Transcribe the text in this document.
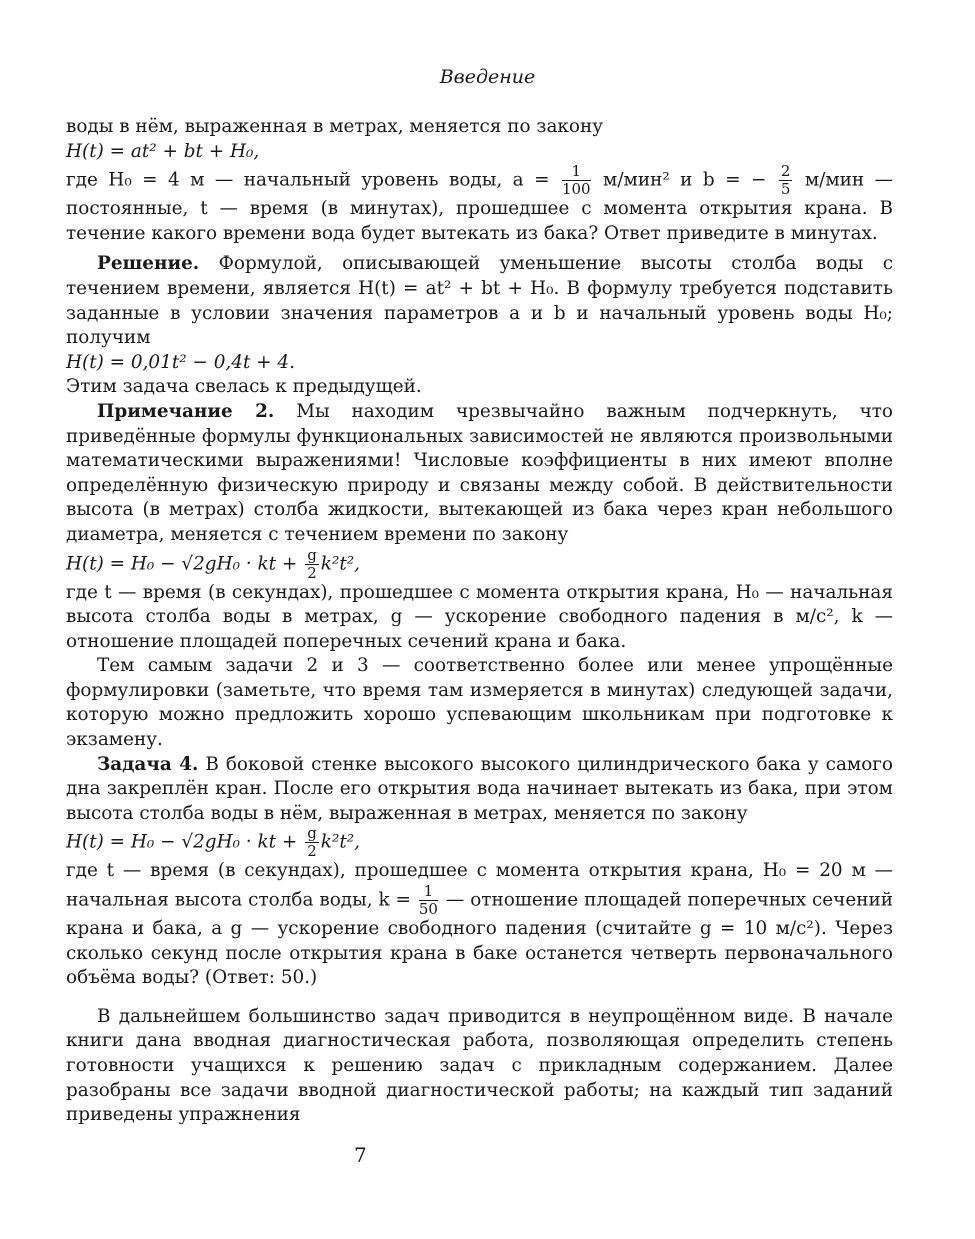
Введение

воды в нём, выраженная в метрах, меняется по закону

H(t) = at² + bt + H₀,

где H₀ = 4 м — начальный уровень воды, $a = \frac{1}{100} м/мин^2$ и b = − $\frac{2}{5} м/мин$ — постоянные, t — время (в минутах), прошедшее с момента открытия крана. В течение какого времени вода будет вытекать из бака? Ответ приведите в минутах.

Решение. Формулой, описывающей уменьшение высоты столба воды с течением времени, является H(t) = at² + bt + H₀. В формулу требуется подставить заданные в условии значения параметров a и b и начальный уровень воды H₀; получим

H(t) = 0,01t² − 0,4t + 4.

Этим задача свелась к предыдущей.

Примечание 2. Мы находим чрезвычайно важным подчеркнуть, что приведённые формулы функциональных зависимостей не являются произвольными математическими выражениями! Числовые коэффициенты в них имеют вполне определённую физическую природу и связаны между собой. В действительности высота (в метрах) столба жидкости, вытекающей из бака через кран небольшого диаметра, меняется с течением времени по закону

H(t) = H₀ − √2gH₀ · kt + $\frac{g}{2} k^2t^2$,

где t — время (в секундах), прошедшее с момента открытия крана, H₀ — начальная высота столба воды в метрах, g — ускорение свободного падения в м/с², k — отношение площадей поперечных сечений крана и бака.

Тем самым задачи 2 и 3 — соответственно более или менее упрощённые формулировки (заметьте, что время там измеряется в минутах) следующей задачи, которую можно предложить хорошо успевающим школьникам при подготовке к экзамену.

Задача 4. В боковой стенке высокого высокого цилиндрического бака у самого дна закреплён кран. После его открытия вода начинает вытекать из бака, при этом высота столба воды в нём, выраженная в метрах, меняется по закону

H(t) = H₀ − √2gH₀ · kt + $\frac{g}{2} k^2t^2$,

где t — время (в секундах), прошедшее с момента открытия крана, H₀ = 20 м — начальная высота столба воды, $k = \frac{1}{50}$ — отношение площадей поперечных сечений крана и бака, а g — ускорение свободного падения (считайте g = 10 м/с²). Через сколько секунд после открытия крана в баке останется четверть первоначального объёма воды? (Ответ: 50.)

В дальнейшем большинство задач приводится в неупрощённом виде. В начале книги дана вводная диагностическая работа, позволяющая определить степень готовности учащихся к решению задач с прикладным содержанием. Далее разобраны все задачи вводной диагностической работы; на каждый тип заданий приведены упражнения

7
